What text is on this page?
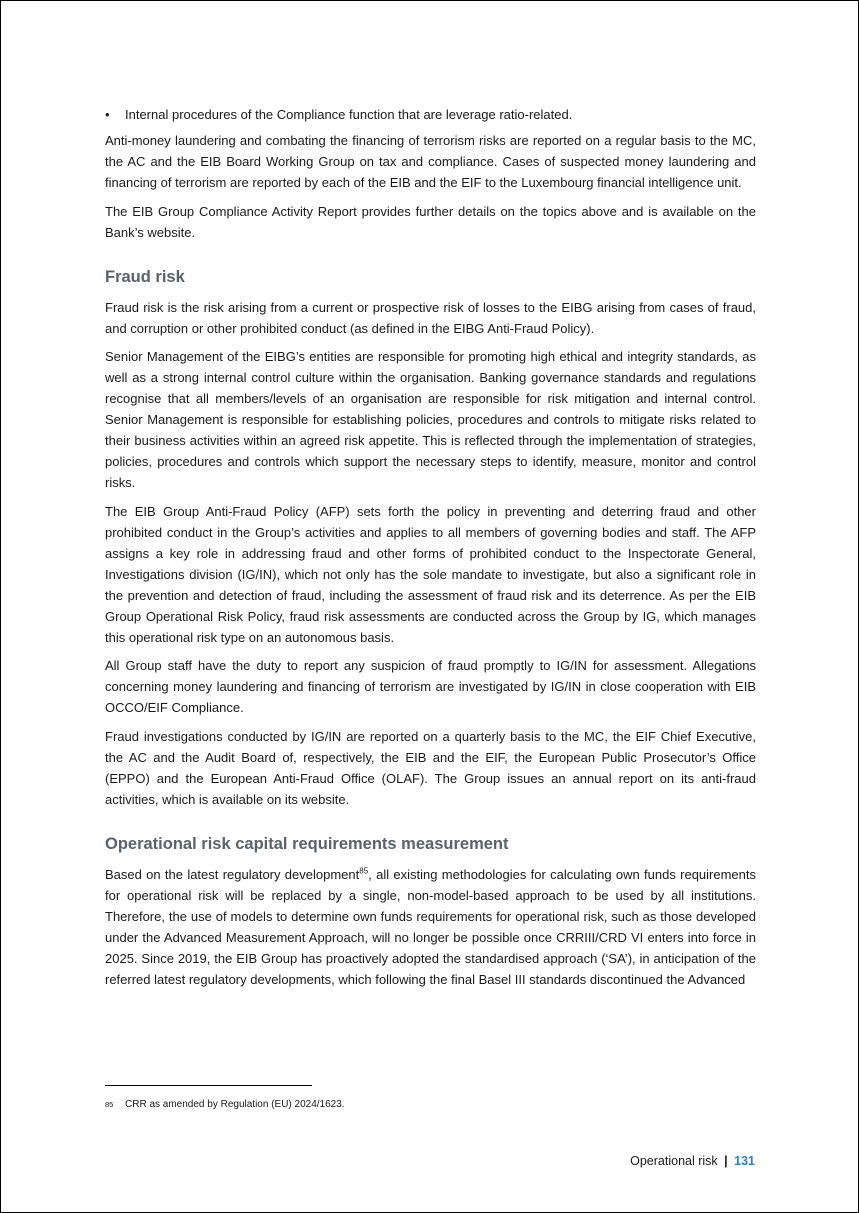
•	Internal procedures of the Compliance function that are leverage ratio-related.

Anti-money laundering and combating the financing of terrorism risks are reported on a regular basis to the MC, the AC and the EIB Board Working Group on tax and compliance. Cases of suspected money laundering and financing of terrorism are reported by each of the EIB and the EIF to the Luxembourg financial intelligence unit.

The EIB Group Compliance Activity Report provides further details on the topics above and is available on the Bank’s website.

Fraud risk

Fraud risk is the risk arising from a current or prospective risk of losses to the EIBG arising from cases of fraud, and corruption or other prohibited conduct (as defined in the EIBG Anti-Fraud Policy).

Senior Management of the EIBG’s entities are responsible for promoting high ethical and integrity standards, as well as a strong internal control culture within the organisation. Banking governance standards and regulations recognise that all members/levels of an organisation are responsible for risk mitigation and internal control. Senior Management is responsible for establishing policies, procedures and controls to mitigate risks related to their business activities within an agreed risk appetite. This is reflected through the implementation of strategies, policies, procedures and controls which support the necessary steps to identify, measure, monitor and control risks.

The EIB Group Anti-Fraud Policy (AFP) sets forth the policy in preventing and deterring fraud and other prohibited conduct in the Group’s activities and applies to all members of governing bodies and staff. The AFP assigns a key role in addressing fraud and other forms of prohibited conduct to the Inspectorate General, Investigations division (IG/IN), which not only has the sole mandate to investigate, but also a significant role in the prevention and detection of fraud, including the assessment of fraud risk and its deterrence. As per the EIB Group Operational Risk Policy, fraud risk assessments are conducted across the Group by IG, which manages this operational risk type on an autonomous basis.

All Group staff have the duty to report any suspicion of fraud promptly to IG/IN for assessment. Allegations concerning money laundering and financing of terrorism are investigated by IG/IN in close cooperation with EIB OCCO/EIF Compliance.

Fraud investigations conducted by IG/IN are reported on a quarterly basis to the MC, the EIF Chief Executive, the AC and the Audit Board of, respectively, the EIB and the EIF, the European Public Prosecutor’s Office (EPPO) and the European Anti-Fraud Office (OLAF). The Group issues an annual report on its anti-fraud activities, which is available on its website.

Operational risk capital requirements measurement

Based on the latest regulatory development$^{85}$, all existing methodologies for calculating own funds requirements for operational risk will be replaced by a single, non-model-based approach to be used by all institutions. Therefore, the use of models to determine own funds requirements for operational risk, such as those developed under the Advanced Measurement Approach, will no longer be possible once CRRIII/CRD VI enters into force in 2025. Since 2019, the EIB Group has proactively adopted the standardised approach (‘SA’), in anticipation of the referred latest regulatory developments, which following the final Basel III standards discontinued the Advanced

85	CRR as amended by Regulation (EU) 2024/1623.
Operational risk | 131
